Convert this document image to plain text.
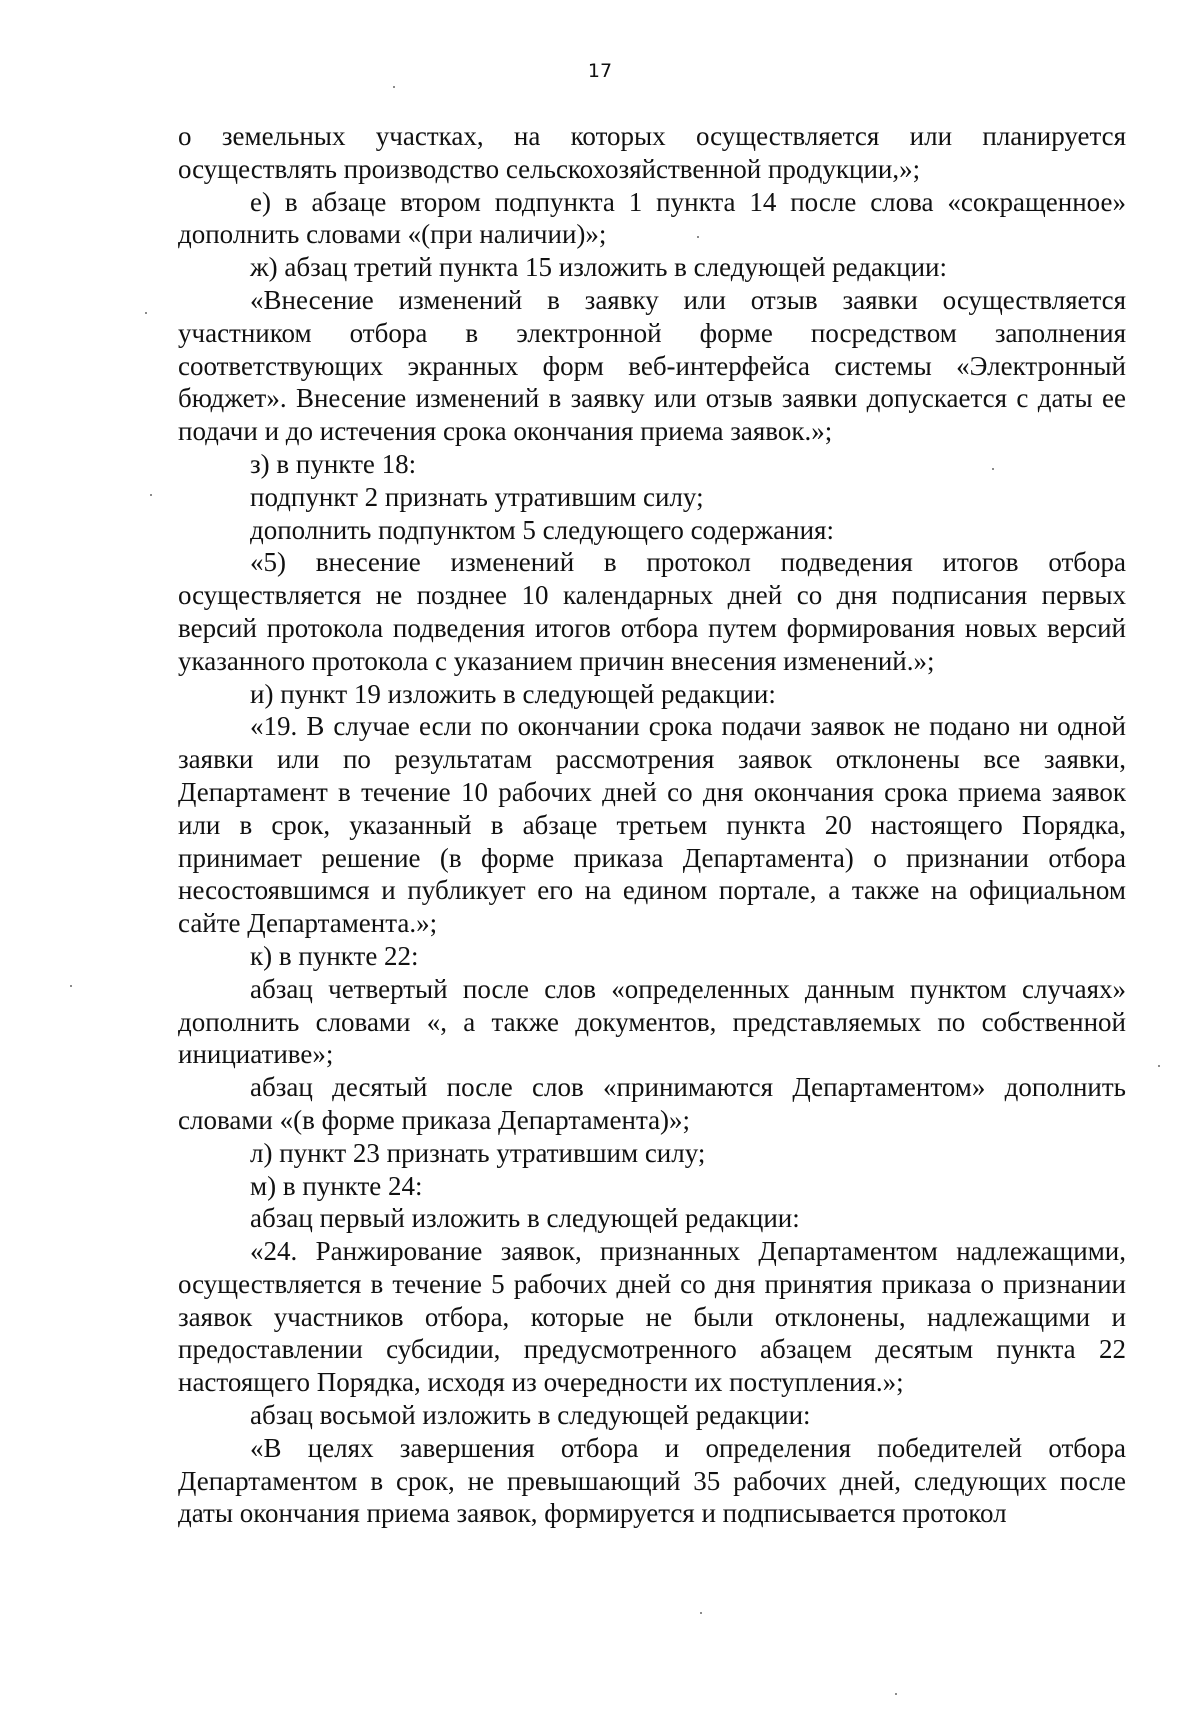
17

о земельных участках, на которых осуществляется или планируется осуществлять производство сельскохозяйственной продукции,»;

е) в абзаце втором подпункта 1 пункта 14 после слова «сокращенное» дополнить словами «(при наличии)»;

ж) абзац третий пункта 15 изложить в следующей редакции:

«Внесение изменений в заявку или отзыв заявки осуществляется участником отбора в электронной форме посредством заполнения соответствующих экранных форм веб-интерфейса системы «Электронный бюджет». Внесение изменений в заявку или отзыв заявки допускается с даты ее подачи и до истечения срока окончания приема заявок.»;

з) в пункте 18:

подпункт 2 признать утратившим силу;

дополнить подпунктом 5 следующего содержания:

«5) внесение изменений в протокол подведения итогов отбора осуществляется не позднее 10 календарных дней со дня подписания первых версий протокола подведения итогов отбора путем формирования новых версий указанного протокола с указанием причин внесения изменений.»;

и) пункт 19 изложить в следующей редакции:

«19. В случае если по окончании срока подачи заявок не подано ни одной заявки или по результатам рассмотрения заявок отклонены все заявки, Департамент в течение 10 рабочих дней со дня окончания срока приема заявок или в срок, указанный в абзаце третьем пункта 20 настоящего Порядка, принимает решение (в форме приказа Департамента) о признании отбора несостоявшимся и публикует его на едином портале, а также на официальном сайте Департамента.»;

к) в пункте 22:

абзац четвертый после слов «определенных данным пунктом случаях» дополнить словами «, а также документов, представляемых по собственной инициативе»;

абзац десятый после слов «принимаются Департаментом» дополнить словами «(в форме приказа Департамента)»;

л) пункт 23 признать утратившим силу;

м) в пункте 24:

абзац первый изложить в следующей редакции:

«24. Ранжирование заявок, признанных Департаментом надлежащими, осуществляется в течение 5 рабочих дней со дня принятия приказа о признании заявок участников отбора, которые не были отклонены, надлежащими и предоставлении субсидии, предусмотренного абзацем десятым пункта 22 настоящего Порядка, исходя из очередности их поступления.»;

абзац восьмой изложить в следующей редакции:

«В целях завершения отбора и определения победителей отбора Департаментом в срок, не превышающий 35 рабочих дней, следующих после даты окончания приема заявок, формируется и подписывается протокол
